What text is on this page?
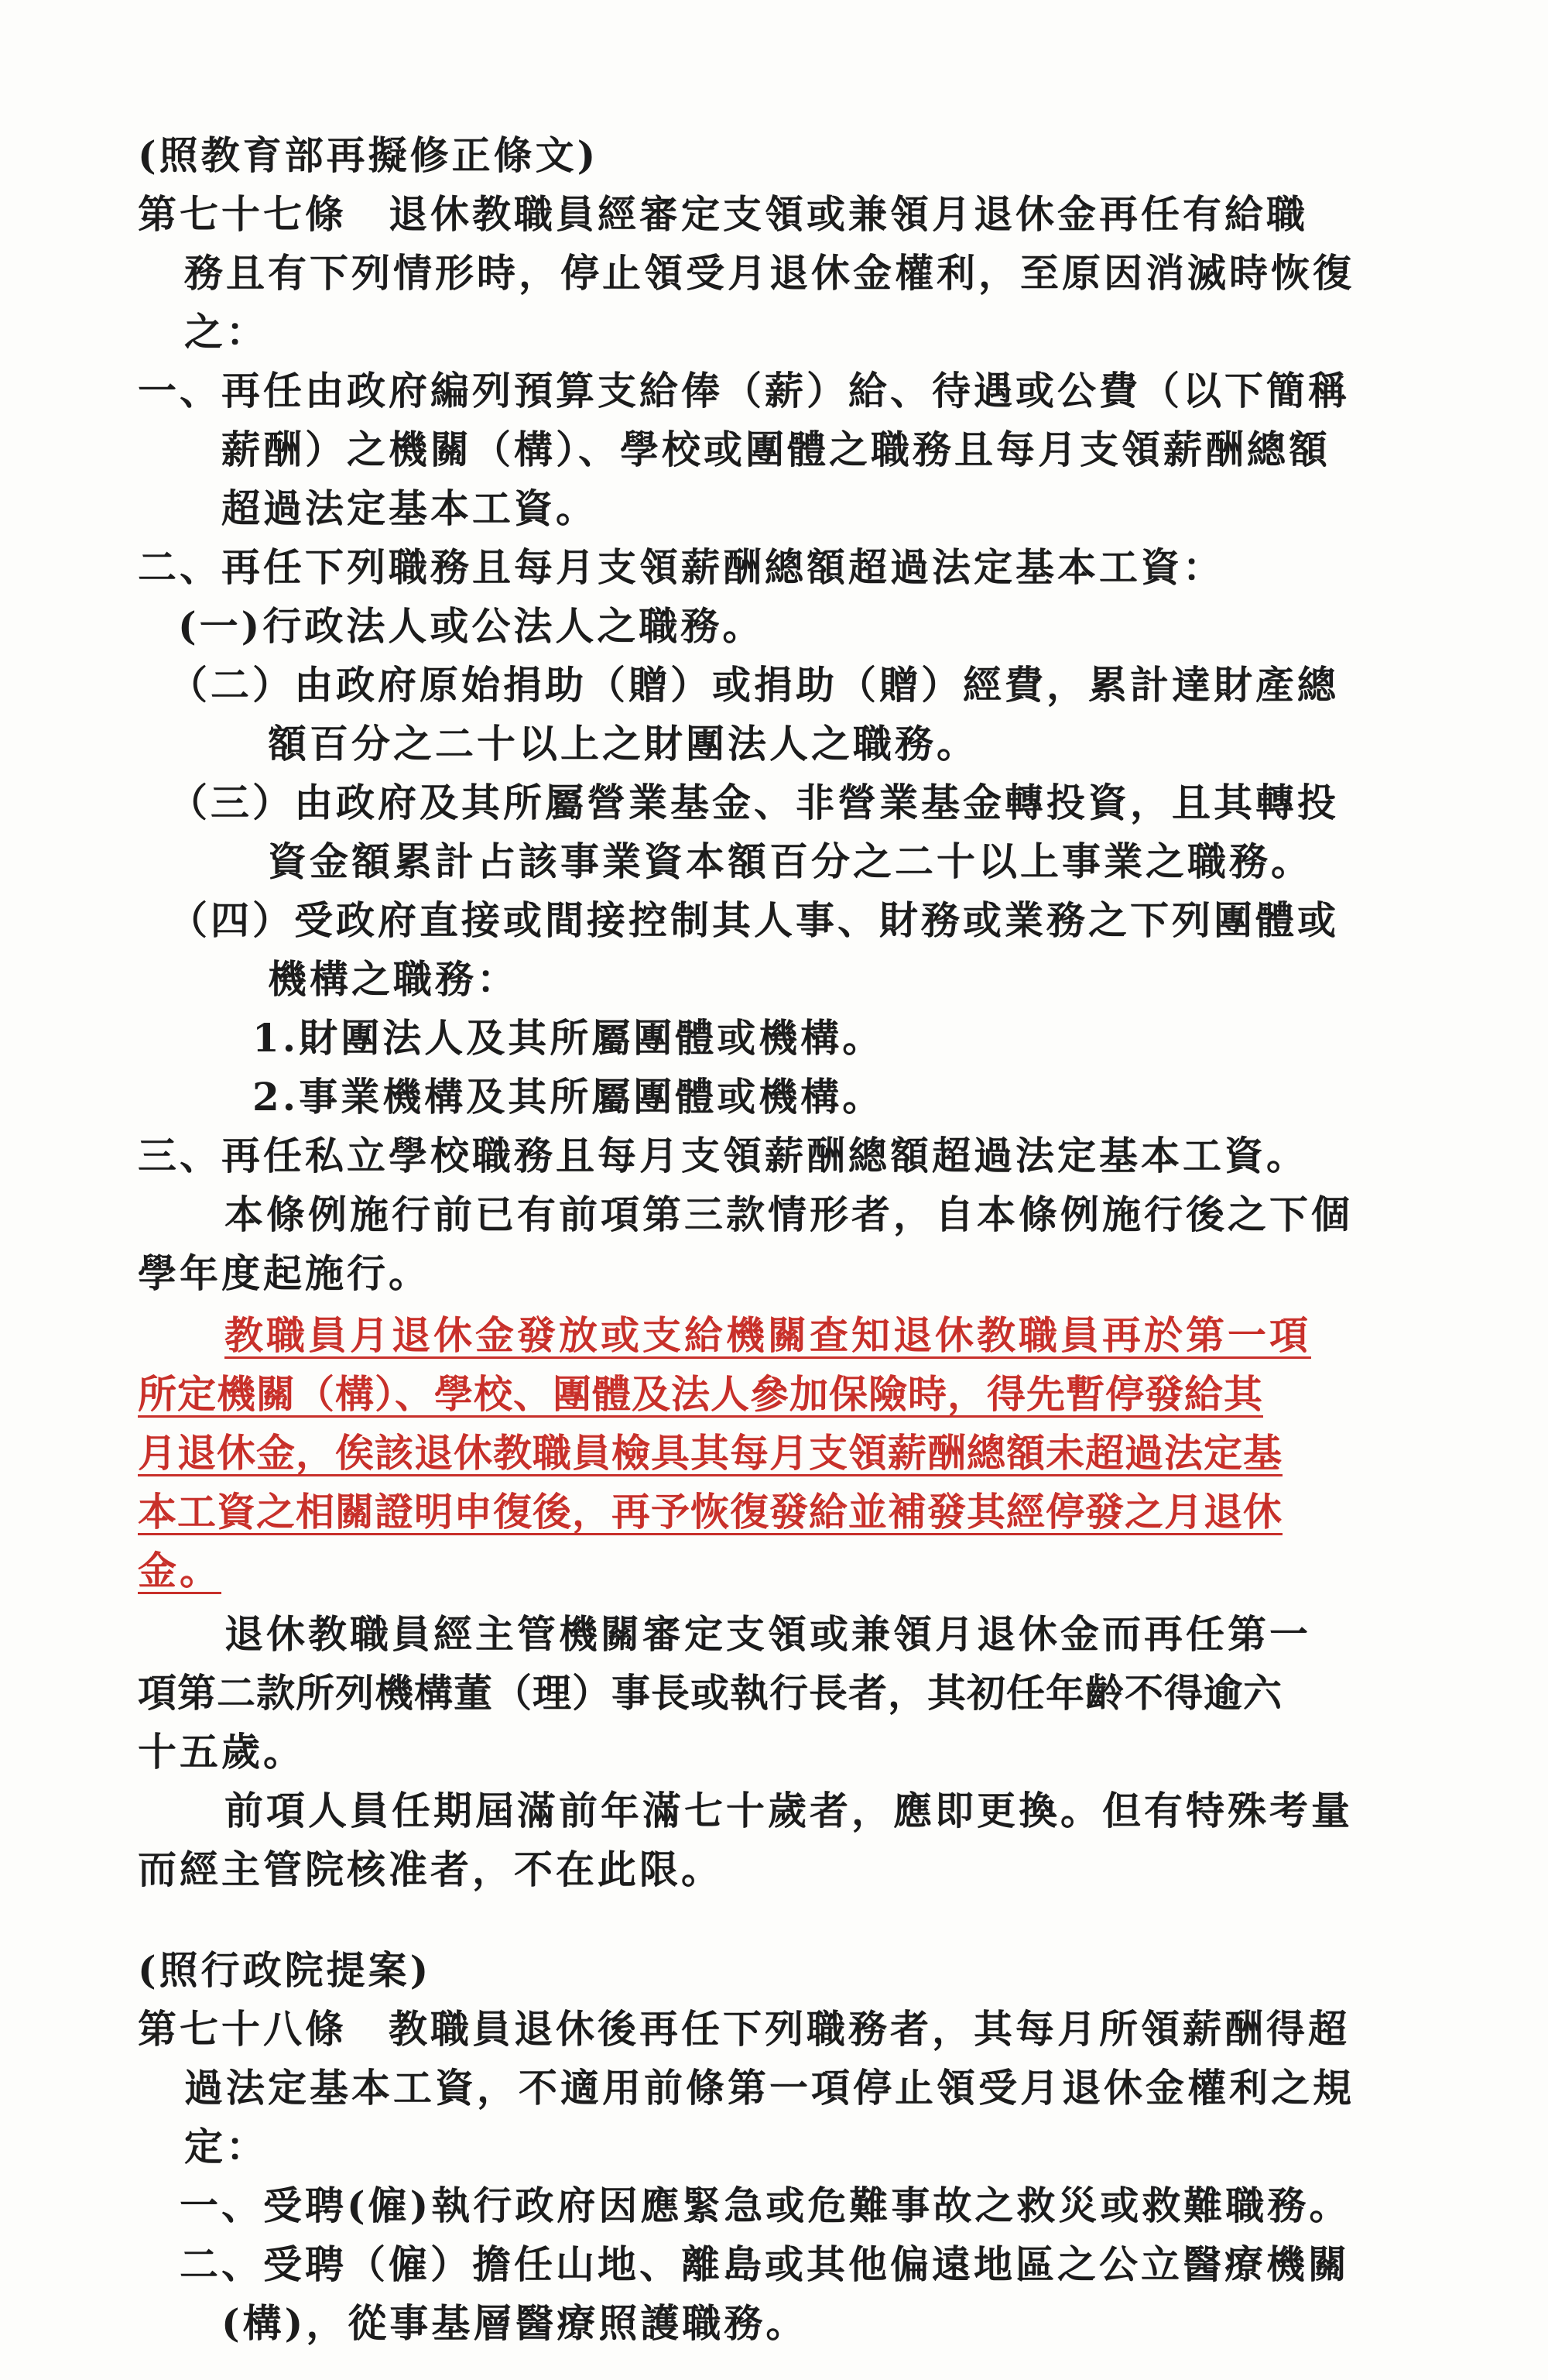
(照教育部再擬修正條文)
第七十七條　退休教職員經審定支領或兼領月退休金再任有給職
務且有下列情形時，停止領受月退休金權利，至原因消滅時恢復
之：
一、再任由政府編列預算支給俸（薪）給、待遇或公費（以下簡稱
薪酬）之機關（構）、學校或團體之職務且每月支領薪酬總額
超過法定基本工資。
二、再任下列職務且每月支領薪酬總額超過法定基本工資：
(一)行政法人或公法人之職務。
（二）由政府原始捐助（贈）或捐助（贈）經費，累計達財產總
額百分之二十以上之財團法人之職務。
（三）由政府及其所屬營業基金、非營業基金轉投資，且其轉投
資金額累計占該事業資本額百分之二十以上事業之職務。
（四）受政府直接或間接控制其人事、財務或業務之下列團體或
機構之職務：
1.財團法人及其所屬團體或機構。
2.事業機構及其所屬團體或機構。
三、再任私立學校職務且每月支領薪酬總額超過法定基本工資。
本條例施行前已有前項第三款情形者，自本條例施行後之下個
學年度起施行。
教職員月退休金發放或支給機關查知退休教職員再於第一項
所定機關（構）、學校、團體及法人參加保險時，得先暫停發給其
月退休金，俟該退休教職員檢具其每月支領薪酬總額未超過法定基
本工資之相關證明申復後，再予恢復發給並補發其經停發之月退休
金。
退休教職員經主管機關審定支領或兼領月退休金而再任第一
項第二款所列機構董（理）事長或執行長者，其初任年齡不得逾六
十五歲。
前項人員任期屆滿前年滿七十歲者，應即更換。但有特殊考量
而經主管院核准者，不在此限。
(照行政院提案)
第七十八條　教職員退休後再任下列職務者，其每月所領薪酬得超
過法定基本工資，不適用前條第一項停止領受月退休金權利之規
定：
一、受聘(僱)執行政府因應緊急或危難事故之救災或救難職務。
二、受聘（僱）擔任山地、離島或其他偏遠地區之公立醫療機關
(構)，從事基層醫療照護職務。
